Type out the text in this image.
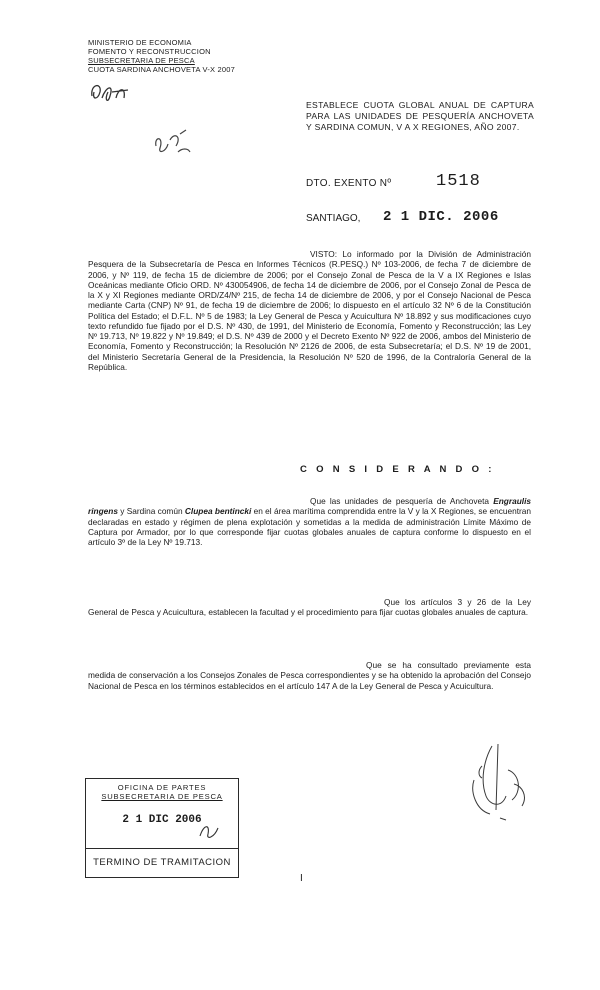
MINISTERIO DE ECONOMIA
FOMENTO Y RECONSTRUCCION
SUBSECRETARIA DE PESCA
CUOTA SARDINA ANCHOVETA V-X 2007
ESTABLECE CUOTA GLOBAL ANUAL DE CAPTURA PARA LAS UNIDADES DE PESQUERÍA ANCHOVETA Y SARDINA COMUN, V A X REGIONES, AÑO 2007.
DTO. EXENTO Nº	1518
SANTIAGO, 2 1 DIC. 2006
VISTO: Lo informado por la División de Administración Pesquera de la Subsecretaría de Pesca en Informes Técnicos (R.PESQ.) Nº 103-2006, de fecha 7 de diciembre de 2006, y Nº 119, de fecha 15 de diciembre de 2006; por el Consejo Zonal de Pesca de la V a IX Regiones e Islas Oceánicas mediante Oficio ORD. Nº 430054906, de fecha 14 de diciembre de 2006, por el Consejo Zonal de Pesca de la X y XI Regiones mediante ORD/Z4/Nº 215, de fecha 14 de diciembre de 2006, y por el Consejo Nacional de Pesca mediante Carta (CNP) Nº 91, de fecha 19 de diciembre de 2006; lo dispuesto en el artículo 32 Nº 6 de la Constitución Política del Estado; el D.F.L. Nº 5 de 1983; la Ley General de Pesca y Acuicultura Nº 18.892 y sus modificaciones cuyo texto refundido fue fijado por el D.S. Nº 430, de 1991, del Ministerio de Economía, Fomento y Reconstrucción; las Ley Nº 19.713, Nº 19.822 y Nº 19.849; el D.S. Nº 439 de 2000 y el Decreto Exento Nº 922 de 2006, ambos del Ministerio de Economía, Fomento y Reconstrucción; la Resolución Nº 2126 de 2006, de esta Subsecretaría; el D.S. Nº 19 de 2001, del Ministerio Secretaría General de la Presidencia, la Resolución Nº 520 de 1996, de la Contraloría General de la República.
C O N S I D E R A N D O :
Que las unidades de pesquería de Anchoveta Engraulis ringens y Sardina común Clupea bentincki en el área marítima comprendida entre la V y la X Regiones, se encuentran declaradas en estado y régimen de plena explotación y sometidas a la medida de administración Límite Máximo de Captura por Armador, por lo que corresponde fijar cuotas globales anuales de captura conforme lo dispuesto en el artículo 3º de la Ley Nº 19.713.
Que los artículos 3 y 26 de la Ley General de Pesca y Acuicultura, establecen la facultad y el procedimiento para fijar cuotas globales anuales de captura.
Que se ha consultado previamente esta medida de conservación a los Consejos Zonales de Pesca correspondientes y se ha obtenido la aprobación del Consejo Nacional de Pesca en los términos establecidos en el artículo 147 A de la Ley General de Pesca y Acuicultura.
OFICINA DE PARTES
SUBSECRETARIA DE PESCA
2 1 DIC 2006
TERMINO DE TRAMITACION
I
